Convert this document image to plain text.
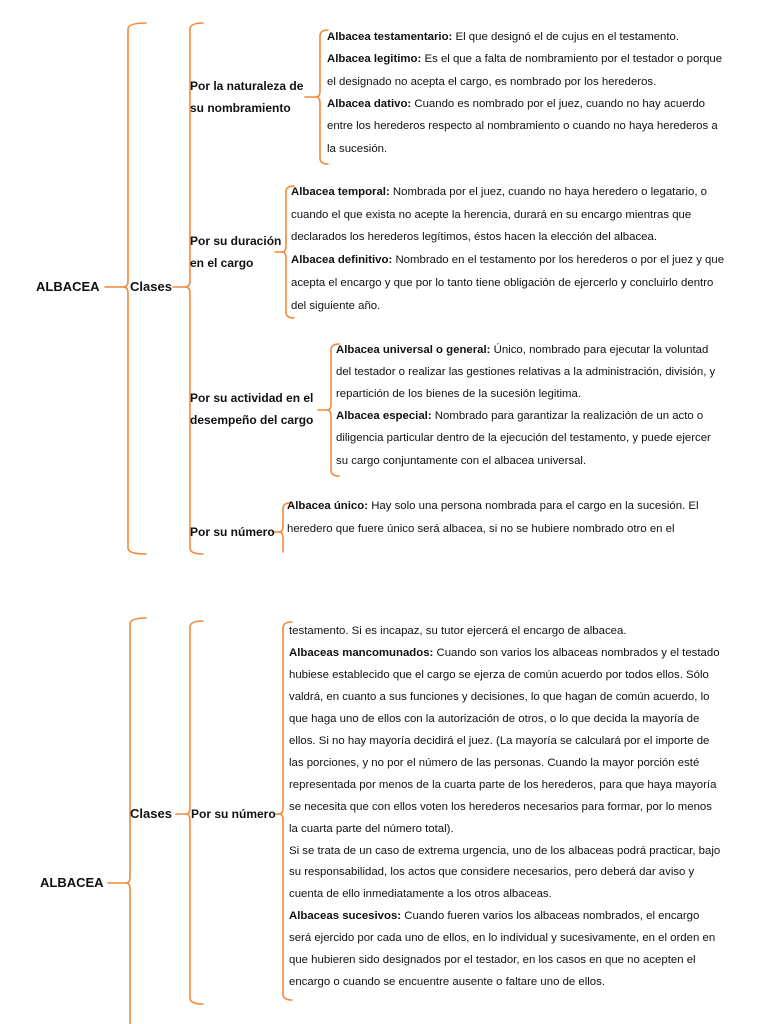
ALBACEA Clases
Por la naturaleza de
su nombramiento
Por su duración
en el cargo
Por su actividad en el
desempeño del cargo
Por su número
Albacea testamentario: El que designó el de cujus en el testamento.
Albacea legitimo: Es el que a falta de nombramiento por el testador o porque
el designado no acepta el cargo, es nombrado por los herederos.
Albacea dativo: Cuando es nombrado por el juez, cuando no hay acuerdo
entre los herederos respecto al nombramiento o cuando no haya herederos a
la sucesión.
Albacea temporal: Nombrada por el juez, cuando no haya heredero o legatario, o
cuando el que exista no acepte la herencia, durará en su encargo mientras que
declarados los herederos legítimos, éstos hacen la elección del albacea.
Albacea definitivo: Nombrado en el testamento por los herederos o por el juez y que
acepta el encargo y que por lo tanto tiene obligación de ejercerlo y concluirlo dentro
del siguiente año.
Albacea universal o general: Único, nombrado para ejecutar la voluntad
del testador o realizar las gestiones relativas a la administración, división, y
repartición de los bienes de la sucesión legitima.
Albacea especial: Nombrado para garantizar la realización de un acto o
diligencia particular dentro de la ejecución del testamento, y puede ejercer
su cargo conjuntamente con el albacea universal.
Albacea único: Hay solo una persona nombrada para el cargo en la sucesión. El
heredero que fuere único será albacea, si no se hubiere nombrado otro en el
ALBACEA
Clases Por su número
testamento. Si es incapaz, su tutor ejercerá el encargo de albacea.
Albaceas mancomunados: Cuando son varios los albaceas nombrados y el testado
hubiese establecido que el cargo se ejerza de común acuerdo por todos ellos. Sólo
valdrá, en cuanto a sus funciones y decisiones, lo que hagan de común acuerdo, lo
que haga uno de ellos con la autorización de otros, o lo que decida la mayoría de
ellos. Si no hay mayoría decidirá el juez. (La mayoría se calculará por el importe de
las porciones, y no por el número de las personas. Cuando la mayor porción esté
representada por menos de la cuarta parte de los herederos, para que haya mayoría
se necesita que con ellos voten los herederos necesarios para formar, por lo menos
la cuarta parte del número total).
Si se trata de un caso de extrema urgencia, uno de los albaceas podrá practicar, bajo
su responsabilidad, los actos que considere necesarios, pero deberá dar aviso y
cuenta de ello inmediatamente a los otros albaceas.
Albaceas sucesivos: Cuando fueren varios los albaceas nombrados, el encargo
será ejercido por cada uno de ellos, en lo individual y sucesivamente, en el orden en
que hubieren sido designados por el testador, en los casos en que no acepten el
encargo o cuando se encuentre ausente o faltare uno de ellos.
